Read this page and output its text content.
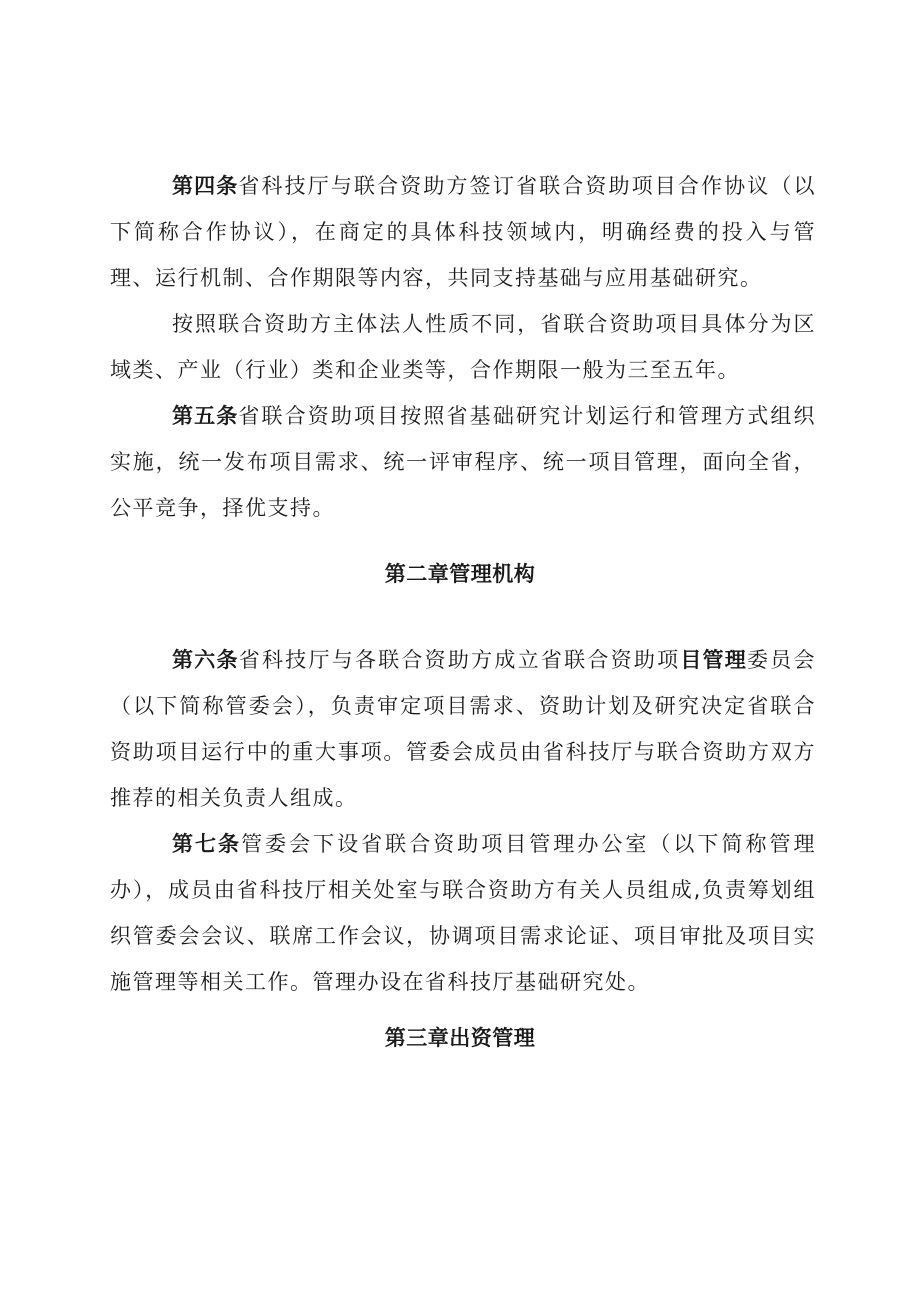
第四条省科技厅与联合资助方签订省联合资助项目合作协议（以下简称合作协议），在商定的具体科技领域内，明确经费的投入与管理、运行机制、合作期限等内容，共同支持基础与应用基础研究。

按照联合资助方主体法人性质不同，省联合资助项目具体分为区域类、产业（行业）类和企业类等，合作期限一般为三至五年。

第五条省联合资助项目按照省基础研究计划运行和管理方式组织实施，统一发布项目需求、统一评审程序、统一项目管理，面向全省，公平竞争，择优支持。

第二章管理机构

第六条省科技厅与各联合资助方成立省联合资助项目管理委员会（以下简称管委会），负责审定项目需求、资助计划及研究决定省联合资助项目运行中的重大事项。管委会成员由省科技厅与联合资助方双方推荐的相关负责人组成。

第七条管委会下设省联合资助项目管理办公室（以下简称管理办），成员由省科技厅相关处室与联合资助方有关人员组成,负责筹划组织管委会会议、联席工作会议，协调项目需求论证、项目审批及项目实施管理等相关工作。管理办设在省科技厅基础研究处。

第三章出资管理
